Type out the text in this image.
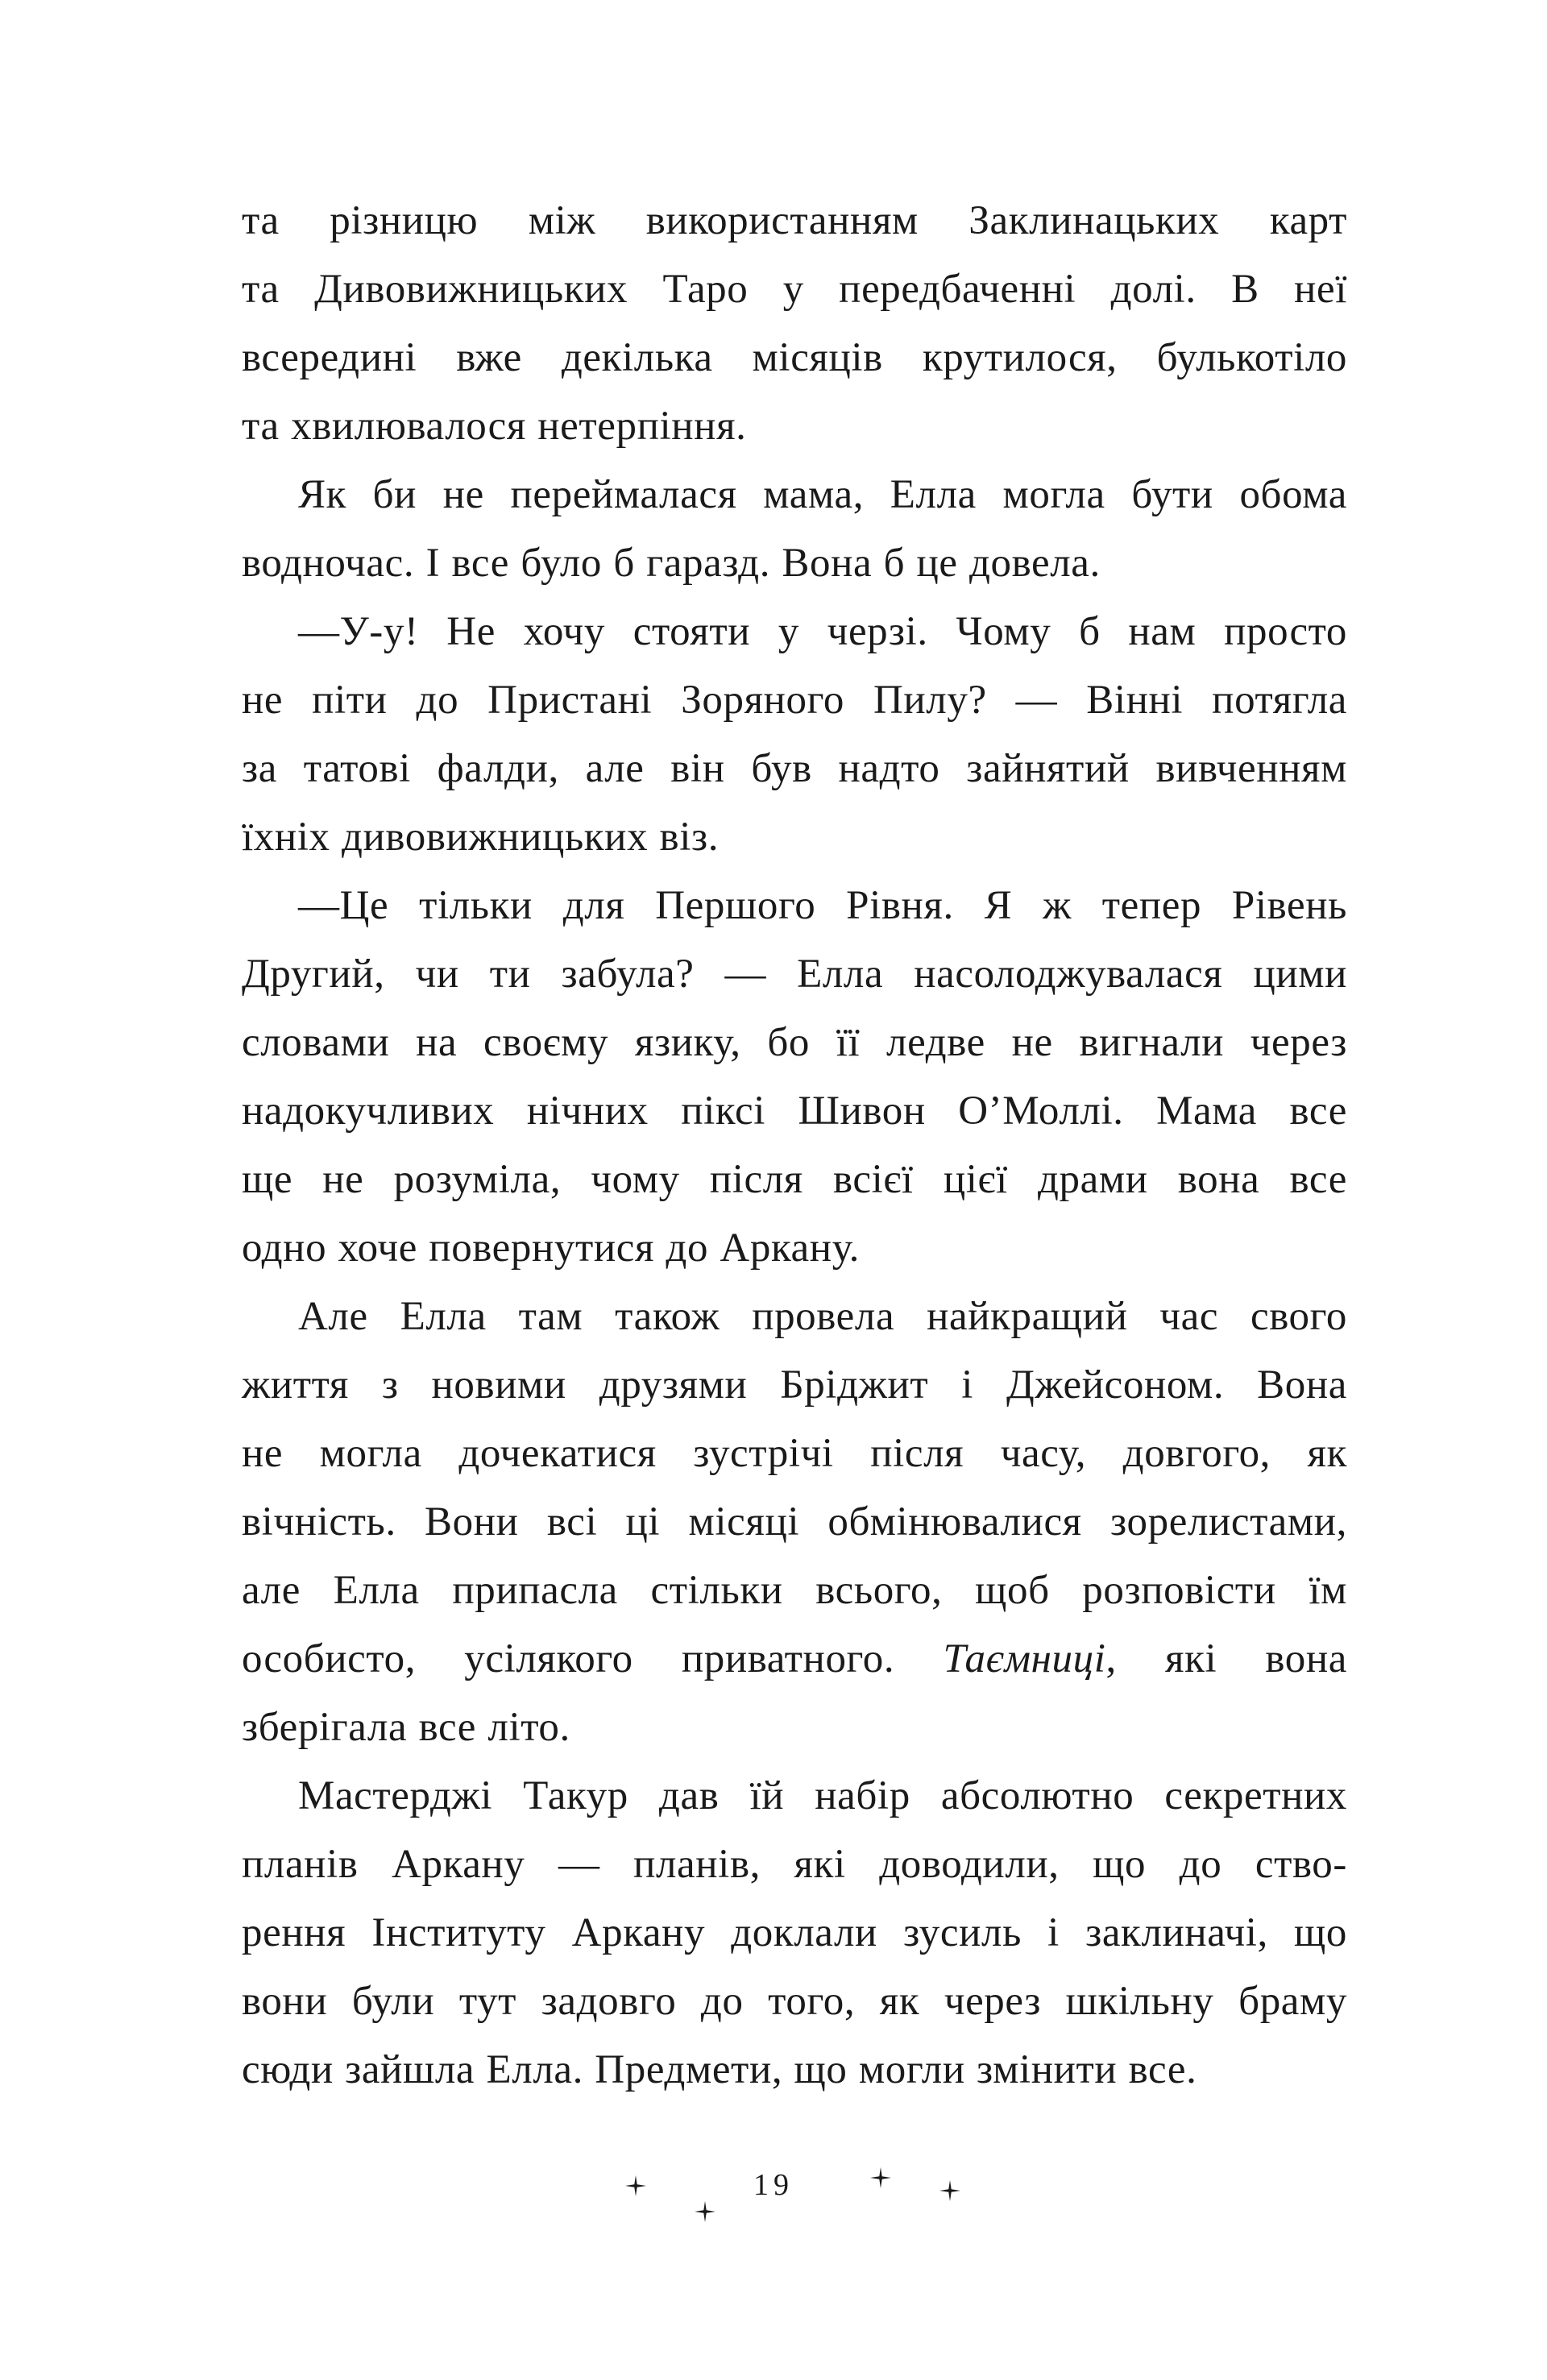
та різницю між використанням Заклинацьких карт
та Дивовижницьких Таро у передбаченні долі. В неї
всередині вже декілька місяців крутилося, булькотіло
та хвилювалося нетерпіння.

Як би не переймалася мама, Елла могла бути обома
водночас. І все було б гаразд. Вона б це довела.

—У-у! Не хочу стояти у черзі. Чому б нам просто
не піти до Пристані Зоряного Пилу? — Вінні потягла
за татові фалди, але він був надто зайнятий вивченням
їхніх дивовижницьких віз.

—Це тільки для Першого Рівня. Я ж тепер Рівень
Другий, чи ти забула? — Елла насолоджувалася цими
словами на своєму язику, бо її ледве не вигнали через
надокучливих нічних піксі Шивон О’Моллі. Мама все
ще не розуміла, чому після всієї цієї драми вона все
одно хоче повернутися до Аркану.

Але Елла там також провела найкращий час свого
життя з новими друзями Бріджит і Джейсоном. Вона
не могла дочекатися зустрічі після часу, довгого, як
вічність. Вони всі ці місяці обмінювалися зорелистами,
але Елла припасла стільки всього, щоб розповісти їм
особисто, усілякого приватного. Таємниці, які вона
зберігала все літо.

Мастерджі Такур дав їй набір абсолютно секретних
планів Аркану — планів, які доводили, що до ство-
рення Інституту Аркану доклали зусиль і заклиначі, що
вони були тут задовго до того, як через шкільну браму
сюди зайшла Елла. Предмети, що могли змінити все.

19
